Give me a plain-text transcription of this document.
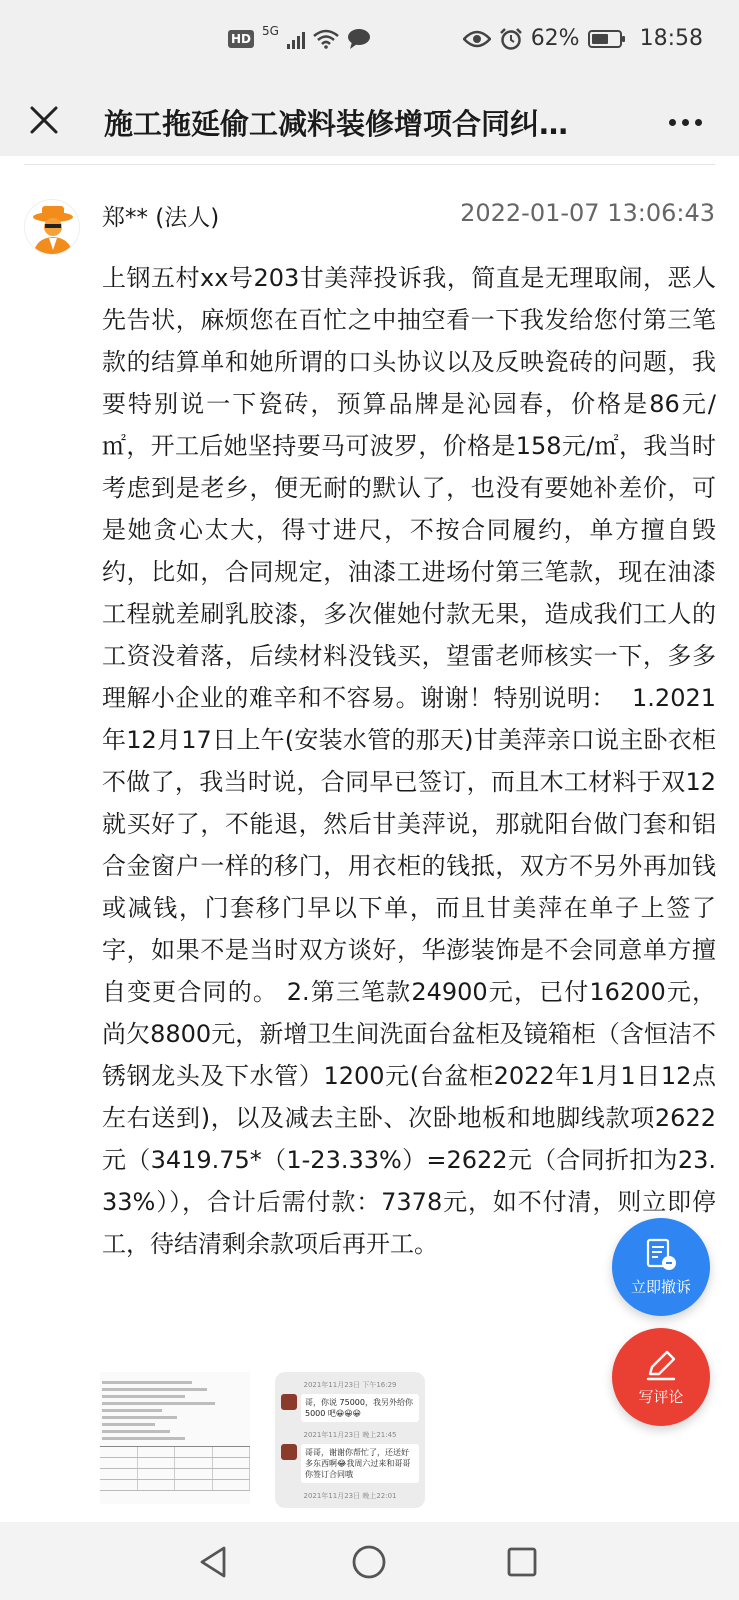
HD
5G	62%	18:58
施工拖延偷工减料装修增项合同纠…
郑** (法人)	2022-01-07 13:06:43
上钢五村xx号203甘美萍投诉我，简直是无理取闹，恶人先告状，麻烦您在百忙之中抽空看一下我发给您付第三笔款的结算单和她所谓的口头协议以及反映瓷砖的问题，我要特别说一下瓷砖，预算品牌是沁园春，价格是86元/㎡，开工后她坚持要马可波罗，价格是158元/㎡，我当时考虑到是老乡，便无耐的默认了，也没有要她补差价，可是她贪心太大，得寸进尺，不按合同履约，单方擅自毁约，比如，合同规定，油漆工进场付第三笔款，现在油漆工程就差刷乳胶漆，多次催她付款无果，造成我们工人的工资没着落，后续材料没钱买，望雷老师核实一下，多多理解小企业的难辛和不容易。谢谢！特别说明：  1.2021年12月17日上午(安装水管的那天)甘美萍亲口说主卧衣柜不做了，我当时说，合同早已签订，而且木工材料于双12就买好了，不能退，然后甘美萍说，那就阳台做门套和铝合金窗户一样的移门，用衣柜的钱抵，双方不另外再加钱或减钱，门套移门早以下单，而且甘美萍在单子上签了字，如果不是当时双方谈好，华澎装饰是不会同意单方擅自变更合同的。 2.第三笔款24900元，已付16200元，尚欠8800元，新增卫生间洗面台盆柜及镜箱柜（含恒洁不锈钢龙头及下水管）1200元(台盆柜2022年1月1日12点左右送到)，以及减去主卧、次卧地板和地脚线款项2622元（3419.75*（1-23.33%）=2622元（合同折扣为23.33%）），合计后需付款：7378元，如不付清，则立即停工，待结清剩余款项后再开工。
2021年11月23日 下午16:29
哥，你说 75000，我另外给你 5000 吧😀😀😀
2021年11月23日 晚上21:45
哥哥，谢谢你帮忙了，还送好多东西啊😂我周六过来和哥哥你签订合同哦
2021年11月23日 晚上22:01
立即撤诉
写评论
